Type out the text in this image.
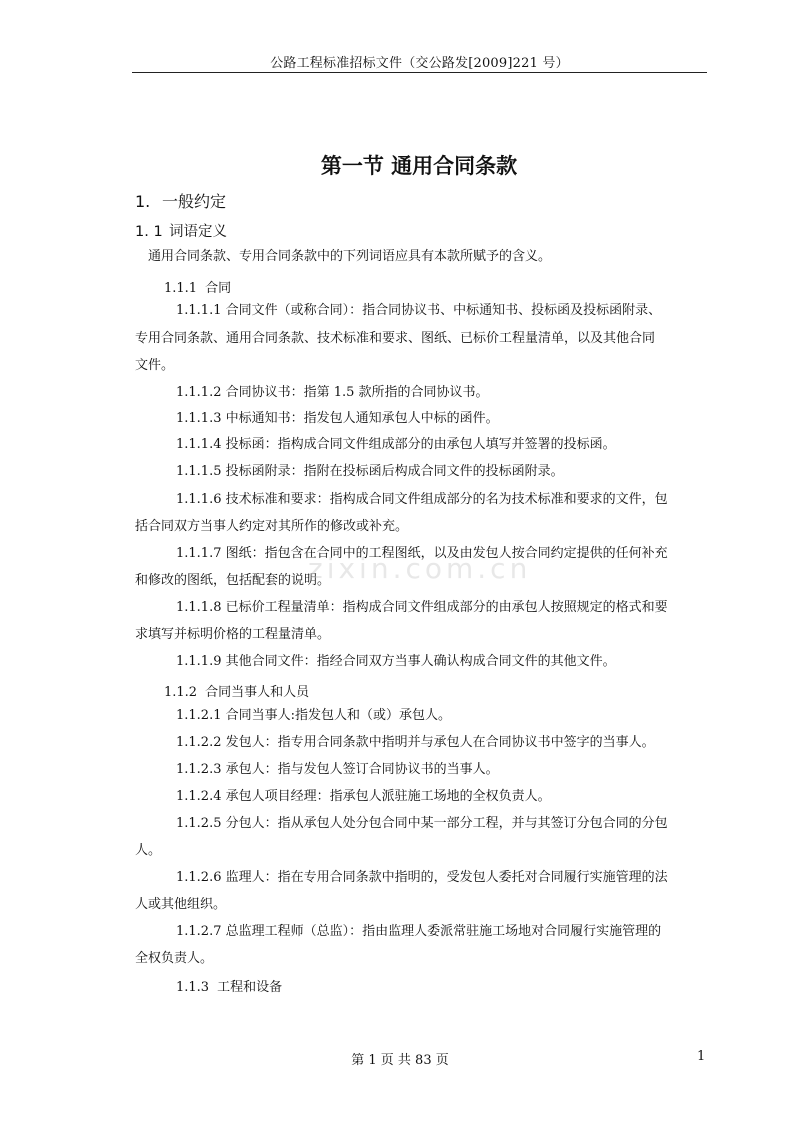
公路工程标准招标文件（交公路发[2009]221 号）
第一节 通用合同条款
1. 一般约定
1. 1 词语定义
通用合同条款、专用合同条款中的下列词语应具有本款所赋予的含义。
1.1.1 合同
1.1.1.1 合同文件（或称合同）：指合同协议书、中标通知书、投标函及投标函附录、
专用合同条款、通用合同条款、技术标准和要求、图纸、已标价工程量清单，以及其他合同
文件。
1.1.1.2 合同协议书：指第 1.5 款所指的合同协议书。
1.1.1.3 中标通知书：指发包人通知承包人中标的函件。
1.1.1.4 投标函：指构成合同文件组成部分的由承包人填写并签署的投标函。
1.1.1.5 投标函附录：指附在投标函后构成合同文件的投标函附录。
1.1.1.6 技术标准和要求：指构成合同文件组成部分的名为技术标准和要求的文件，包
括合同双方当事人约定对其所作的修改或补充。
1.1.1.7 图纸：指包含在合同中的工程图纸，以及由发包人按合同约定提供的任何补充
和修改的图纸，包括配套的说明。
1.1.1.8 已标价工程量清单：指构成合同文件组成部分的由承包人按照规定的格式和要
求填写并标明价格的工程量清单。
1.1.1.9 其他合同文件：指经合同双方当事人确认构成合同文件的其他文件。
1.1.2 合同当事人和人员
1.1.2.1 合同当事人:指发包人和（或）承包人。
1.1.2.2 发包人：指专用合同条款中指明并与承包人在合同协议书中签字的当事人。
1.1.2.3 承包人：指与发包人签订合同协议书的当事人。
1.1.2.4 承包人项目经理：指承包人派驻施工场地的全权负责人。
1.1.2.5 分包人：指从承包人处分包合同中某一部分工程，并与其签订分包合同的分包
人。
1.1.2.6 监理人：指在专用合同条款中指明的，受发包人委托对合同履行实施管理的法
人或其他组织。
1.1.2.7 总监理工程师（总监）：指由监理人委派常驻施工场地对合同履行实施管理的
全权负责人。
1.1.3 工程和设备
zixin.com.cn
第 1 页 共 83 页	1
